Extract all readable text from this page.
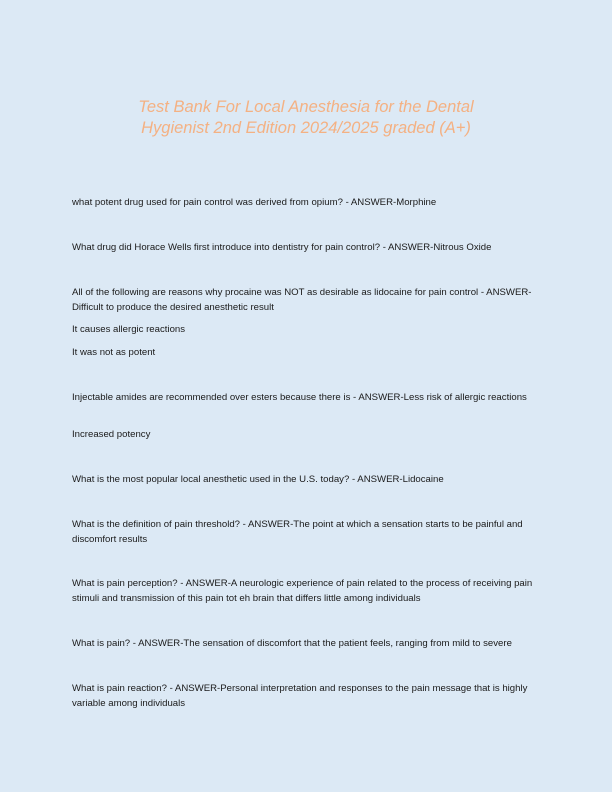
Test Bank For Local Anesthesia for the Dental
Hygienist 2nd Edition 2024/2025 graded (A+)

what potent drug used for pain control was derived from opium? - ANSWER-Morphine

What drug did Horace Wells first introduce into dentistry for pain control? - ANSWER-Nitrous Oxide

All of the following are reasons why procaine was NOT as desirable as lidocaine for pain control - ANSWER-Difficult to produce the desired anesthetic result

It causes allergic reactions
It was not as potent

Injectable amides are recommended over esters because there is - ANSWER-Less risk of allergic reactions

Increased potency

What is the most popular local anesthetic used in the U.S. today? - ANSWER-Lidocaine

What is the definition of pain threshold? - ANSWER-The point at which a sensation starts to be painful and discomfort results

What is pain perception? - ANSWER-A neurologic experience of pain related to the process of receiving pain stimuli and transmission of this pain tot eh brain that differs little among individuals

What is pain? - ANSWER-The sensation of discomfort that the patient feels, ranging from mild to severe

What is pain reaction? - ANSWER-Personal interpretation and responses to the pain message that is highly variable among individuals
